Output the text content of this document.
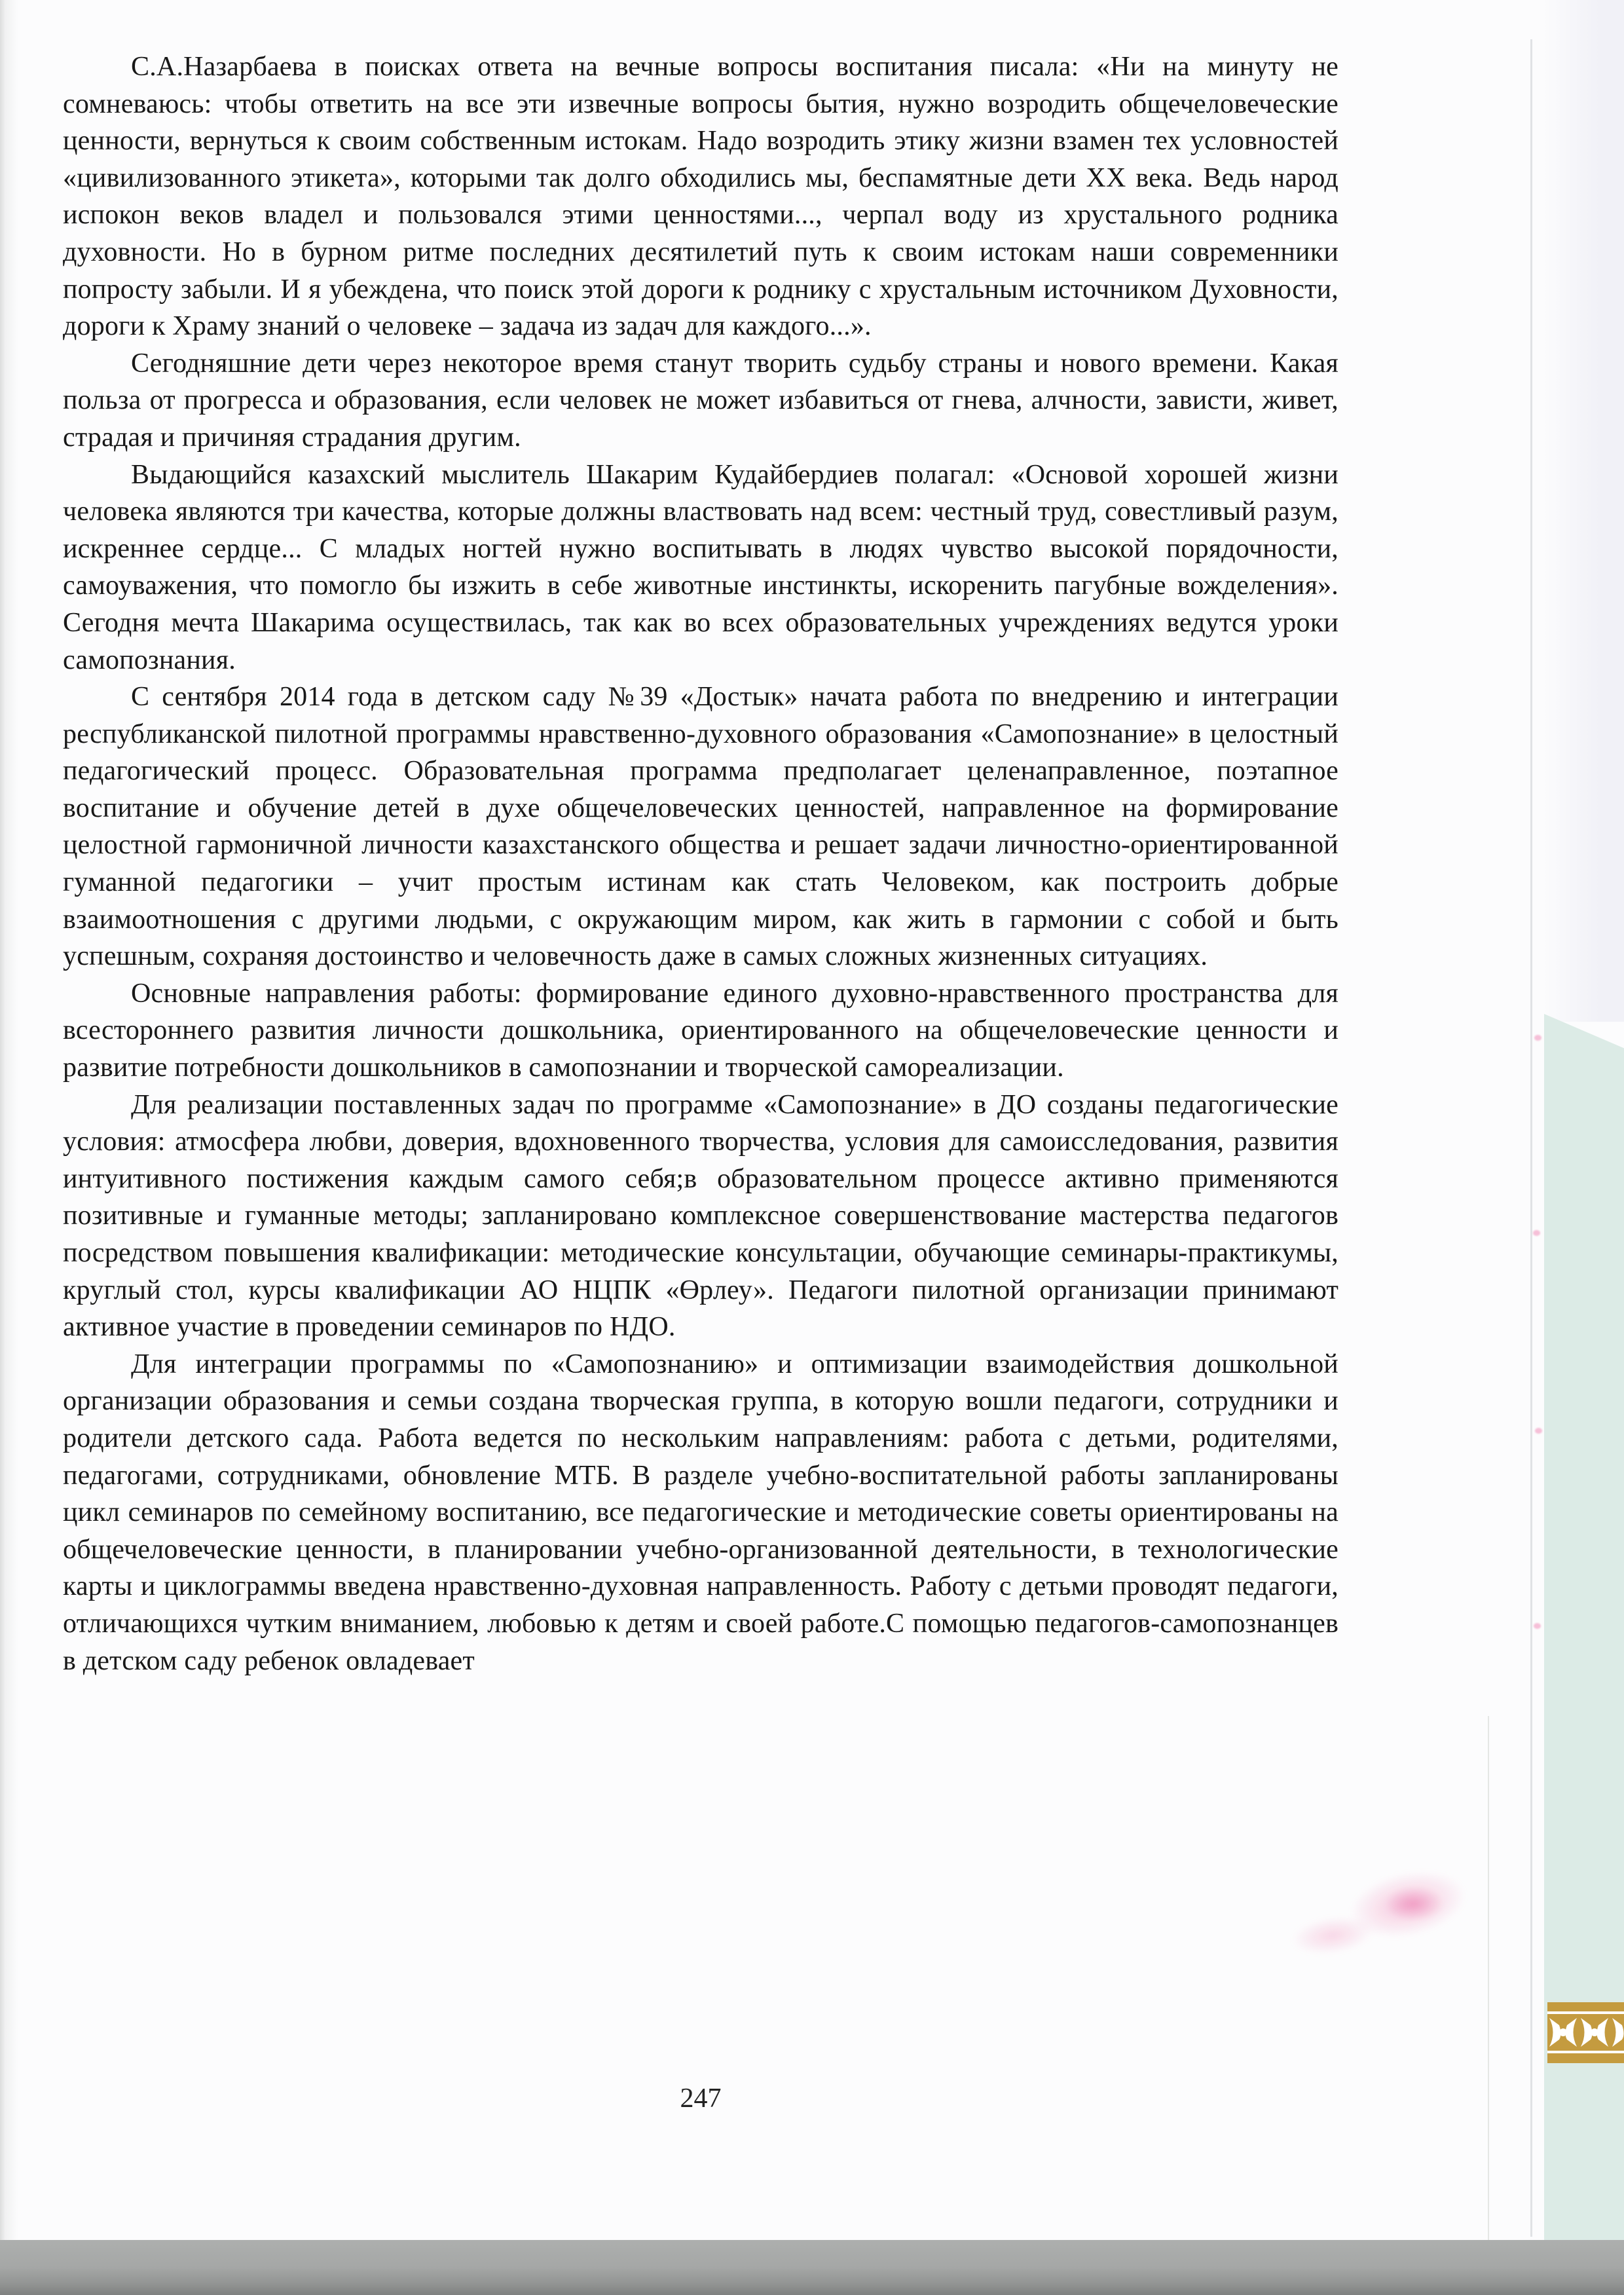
С.А.Назарбаева в поисках ответа на вечные вопросы воспитания писала: «Ни на минуту не сомневаюсь: чтобы ответить на все эти извечные вопросы бытия, нужно возродить общечеловеческие ценности, вернуться к своим собственным истокам. Надо возродить этику жизни взамен тех условностей «цивилизованного этикета», которыми так долго обходились мы, беспамятные дети XX века. Ведь народ испокон веков владел и пользовался этими ценностями..., черпал воду из хрустального родника духовности. Но в бурном ритме последних десятилетий путь к своим истокам наши современники попросту забыли. И я убеждена, что поиск этой дороги к роднику с хрустальным источником Духовности, дороги к Храму знаний о человеке – задача из задач для каждого...».

Сегодняшние дети через некоторое время станут творить судьбу страны и нового времени. Какая польза от прогресса и образования, если человек не может избавиться от гнева, алчности, зависти, живет, страдая и причиняя страдания другим.

Выдающийся казахский мыслитель Шакарим Кудайбердиев полагал: «Основой хорошей жизни человека являются три качества, которые должны властвовать над всем: честный труд, совестливый разум, искреннее сердце... С младых ногтей нужно воспитывать в людях чувство высокой порядочности, самоуважения, что помогло бы изжить в себе животные инстинкты, искоренить пагубные вожделения». Сегодня мечта Шакарима осуществилась, так как во всех образовательных учреждениях ведутся уроки самопознания.

С сентября 2014 года в детском саду №39 «Достык» начата работа по внедрению и интеграции республиканской пилотной программы нравственно-духовного образования «Самопознание» в целостный педагогический процесс. Образовательная программа предполагает целенаправленное, поэтапное воспитание и обучение детей в духе общечеловеческих ценностей, направленное на формирование целостной гармоничной личности казахстанского общества и решает задачи личностно-ориентированной гуманной педагогики – учит простым истинам как стать Человеком, как построить добрые взаимоотношения с другими людьми, с окружающим миром, как жить в гармонии с собой и быть успешным, сохраняя достоинство и человечность даже в самых сложных жизненных ситуациях.

Основные направления работы: формирование единого духовно-нравственного пространства для всестороннего развития личности дошкольника, ориентированного на общечеловеческие ценности и развитие потребности дошкольников в самопознании и творческой самореализации.

Для реализации поставленных задач по программе «Самопознание» в ДО созданы педагогические условия: атмосфера любви, доверия, вдохновенного творчества, условия для самоисследования, развития интуитивного постижения каждым самого себя;в образовательном процессе активно применяются позитивные и гуманные методы; запланировано комплексное совершенствование мастерства педагогов посредством повышения квалификации: методические консультации, обучающие семинары-практикумы, круглый стол, курсы квалификации АО НЦПК «Өрлеу». Педагоги пилотной организации принимают активное участие в проведении семинаров по НДО.

Для интеграции программы по «Самопознанию» и оптимизации взаимодействия дошкольной организации образования и семьи создана творческая группа, в которую вошли педагоги, сотрудники и родители детского сада. Работа ведется по нескольким направлениям: работа с детьми, родителями, педагогами, сотрудниками, обновление МТБ. В разделе учебно-воспитательной работы запланированы цикл семинаров по семейному воспитанию, все педагогические и методические советы ориентированы на общечеловеческие ценности, в планировании учебно-организованной деятельности, в технологические карты и циклограммы введена нравственно-духовная направленность. Работу с детьми проводят педагоги, отличающихся чутким вниманием, любовью к детям и своей работе.С помощью педагогов-самопознанцев в детском саду ребенок овладевает

247
